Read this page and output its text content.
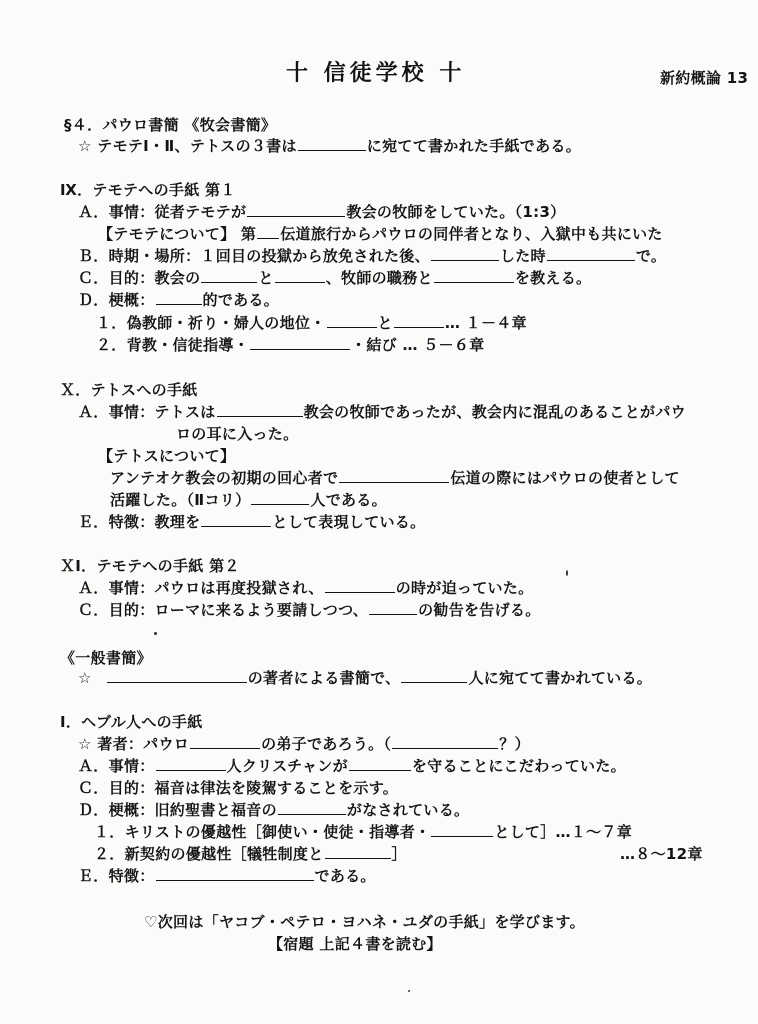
十 信徒学校 十	新約概論 13
§４．パウロ書簡 《牧会書簡》
☆ テモテⅠ・Ⅱ、テトスの３書は	に宛てて書かれた手紙である。
Ⅸ．テモテへの手紙 第１
Ａ．事情：従者テモテが	教会の牧師をしていた。（1:3）
【テモテについて】 第 伝道旅行からパウロの同伴者となり、入獄中も共にいた
Ｂ．時期・場所：１回目の投獄から放免された後、	した時	で。
Ｃ．目的：教会の	と	、牧師の職務と	を教える。
Ｄ．梗概：	的である。
１．偽教師・祈り・婦人の地位・	と	… １－４章
２．背教・信徒指導・	・結び … ５－６章
Ｘ．テトスへの手紙
Ａ．事情：テトスは	教会の牧師であったが、教会内に混乱のあることがパウ
ロの耳に入った。
【テトスについて】
アンテオケ教会の初期の回心者で	伝道の際にはパウロの使者として
活躍した。（Ⅱコリ）	人である。
Ｅ．特徴：教理を	として表現している。
ＸⅠ．テモテへの手紙 第２
Ａ．事情：パウロは再度投獄され、	の時が迫っていた。
Ｃ．目的：ローマに来るよう要請しつつ、	の勧告を告げる。
《一般書簡》
☆	の著者による書簡で、	人に宛てて書かれている。
Ⅰ．ヘブル人への手紙
☆ 著者：パウロ	の弟子であろう。（	？）
Ａ．事情：	人クリスチャンが	を守ることにこだわっていた。
Ｃ．目的：福音は律法を陵駕することを示す。
Ｄ．梗概：旧約聖書と福音の	がなされている。
１．キリストの優越性［御使い・使徒・指導者・	として］…１～７章
２．新契約の優越性［犠牲制度と	］	…８～12章
Ｅ．特徴：	である。
♡次回は「ヤコブ・ペテロ・ヨハネ・ユダの手紙」を学びます。
【宿題 上記４書を読む】
